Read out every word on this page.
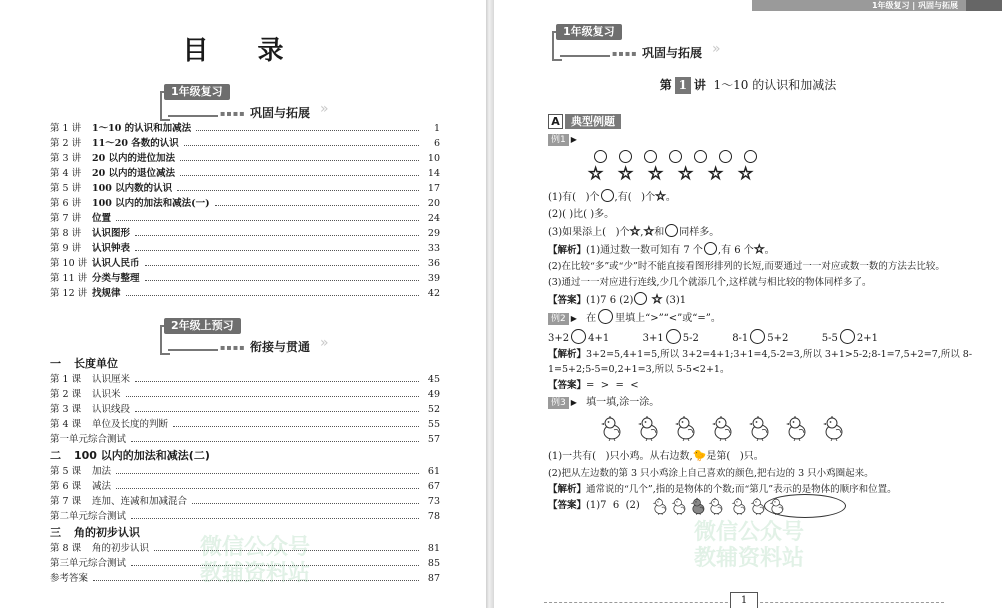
目 录
1年级复习
▪▪▪▪ 巩固与拓展 »
第 1 讲	1～10 的认识和加减法	1
第 2 讲	11～20 各数的认识	6
第 3 讲	20 以内的进位加法	10
第 4 讲	20 以内的退位减法	14
第 5 讲	100 以内数的认识	17
第 6 讲	100 以内的加法和减法(一)	20
第 7 讲	位置	24
第 8 讲	认识图形	29
第 9 讲	认识钟表	33
第 10 讲 认识人民币	36
第 11 讲 分类与整理	39
第 12 讲 找规律	42
2年级上预习
▪▪▪▪ 衔接与贯通 »
一 长度单位
第 1 课	认识厘米	45
第 2 课	认识米	49
第 3 课	认识线段	52
第 4 课	单位及长度的判断	55
第一单元综合测试	57
二 100 以内的加法和减法(二)
第 5 课	加法	61
第 6 课	减法	67
第 7 课	连加、连减和加减混合	73
第二单元综合测试	78
三 角的初步认识
第 8 课	角的初步认识	81
第三单元综合测试	85
参考答案	87
微信公众号
教辅资料站
1年级复习 | 巩固与拓展
1年级复习
▪▪▪▪ 巩固与拓展 »
第 1 讲 1～10 的认识和加减法
A	典型例题
例1 ▶
☆ ☆ ☆ ☆ ☆ ☆
(1)有( )个 ,有( )个☆。
(2)( )比( )多。
(3)如果添上( )个☆,☆和 同样多。
【解析】(1)通过数一数可知有 7 个 ,有 6 个☆。
(2)在比较“多”或“少”时不能直接看图形排列的长短,而要通过一一对应或数一数的方法去比较。
(3)通过一一对应进行连线,少几个就添几个,这样就与相比较的物体同样多了。
【答案】(1)7 6 (2) ☆ (3)1
例2 ▶ 在 里填上“>”“<”或“=”。
3+2 4+1	3+1 5-2	8-1 5+2	5-5 2+1
【解析】3+2=5,4+1=5,所以 3+2=4+1;3+1=4,5-2=3,所以 3+1>5-2;8-1=7,5+2=7,所以 8-1=5+2;5-5=0,2+1=3,所以 5-5<2+1。
【答案】=  >  =  <
例3 ▶ 填一填,涂一涂。
(1)一共有( )只小鸡。从右边数,🐤是第( )只。
(2)把从左边数的第 3 只小鸡涂上自己喜欢的颜色,把右边的 3 只小鸡圈起来。
【解析】通常说的“几个”,指的是物体的个数;而“第几”表示的是物体的顺序和位置。
【答案】(1)7  6  (2)
微信公众号
教辅资料站
1
